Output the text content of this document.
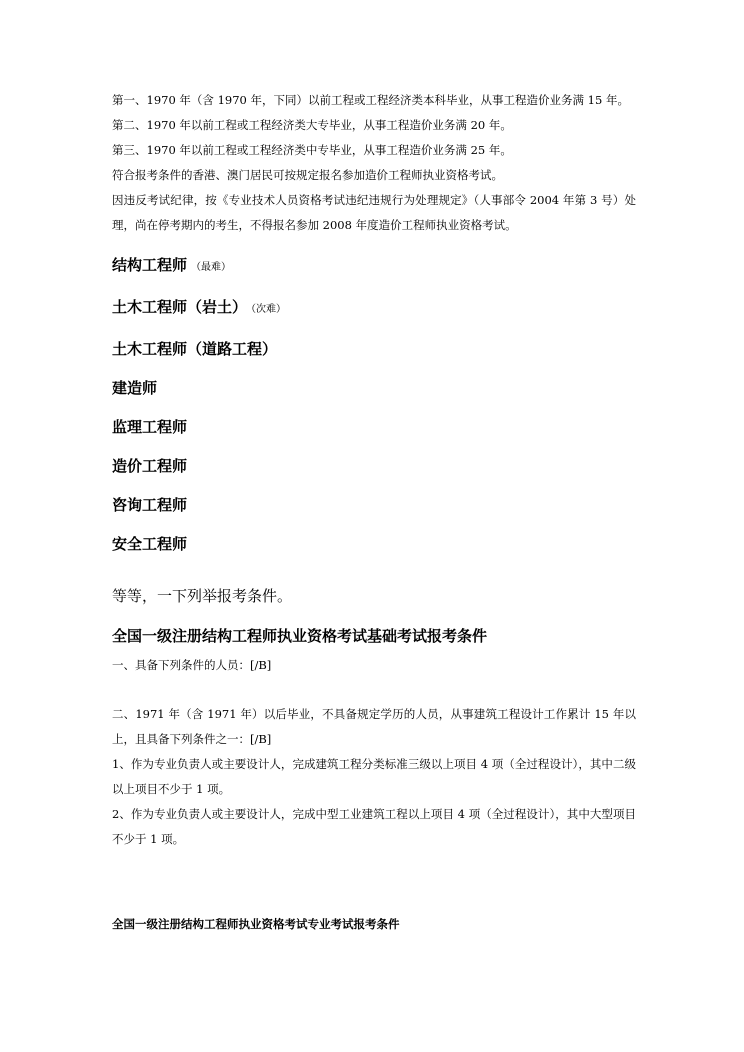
第一、1970 年（含 1970 年，下同）以前工程或工程经济类本科毕业，从事工程造价业务满 15 年。

第二、1970 年以前工程或工程经济类大专毕业，从事工程造价业务满 20 年。

第三、1970 年以前工程或工程经济类中专毕业，从事工程造价业务满 25 年。

符合报考条件的香港、澳门居民可按规定报名参加造价工程师执业资格考试。

因违反考试纪律，按《专业技术人员资格考试违纪违规行为处理规定》（人事部令 2004 年第 3 号）处理，尚在停考期内的考生，不得报名参加 2008 年度造价工程师执业资格考试。

结构工程师 （最难）

土木工程师（岩土） （次难）

土木工程师（道路工程）

建造师

监理工程师

造价工程师

咨询工程师

安全工程师

等等，一下列举报考条件。

全国一级注册结构工程师执业资格考试基础考试报考条件

一、具备下列条件的人员：[/B]

二、1971 年（含 1971 年）以后毕业，不具备规定学历的人员，从事建筑工程设计工作累计 15 年以上，且具备下列条件之一：[/B]

1、作为专业负责人或主要设计人，完成建筑工程分类标准三级以上项目 4 项（全过程设计），其中二级以上项目不少于 1 项。

2、作为专业负责人或主要设计人，完成中型工业建筑工程以上项目 4 项（全过程设计），其中大型项目不少于 1 项。

全国一级注册结构工程师执业资格考试专业考试报考条件
